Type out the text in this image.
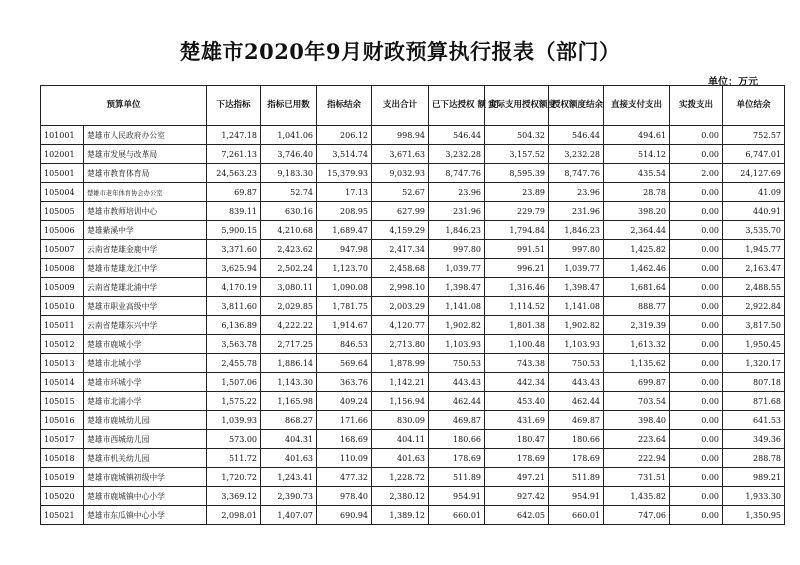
楚雄市2020年9月财政预算执行报表（部门）
单位：万元
预算单位		下达指标	指标已用数	指标结余	支出合计	已下达授权 额 度	实际支用授权额度	授权额度结余	直接支付支出	实拨支出	单位结余
101001	楚雄市人民政府办公室	1,247.18	1,041.06	206.12	998.94	546.44	504.32	546.44	494.61	0.00	752.57
102001	楚雄市发展与改革局	7,261.13	3,746.40	3,514.74	3,671.63	3,232.28	3,157.52	3,232.28	514.12	0.00	6,747.01
105001	楚雄市教育体育局	24,563.23	9,183.30	15,379.93	9,032.93	8,747.76	8,595.39	8,747.76	435.54	2.00	24,127.69
105004	楚雄市老年体育协会办公室	69.87	52.74	17.13	52.67	23.96	23.89	23.96	28.78	0.00	41.09
105005	楚雄市教师培训中心	839.11	630.16	208.95	627.99	231.96	229.79	231.96	398.20	0.00	440.91
105006	楚雄紫溪中学	5,900.15	4,210.68	1,689.47	4,159.29	1,846.23	1,794.84	1,846.23	2,364.44	0.00	3,535.70
105007	云南省楚雄金鹿中学	3,371.60	2,423.62	947.98	2,417.34	997.80	991.51	997.80	1,425.82	0.00	1,945.77
105008	楚雄市楚雄龙江中学	3,625.94	2,502.24	1,123.70	2,458.68	1,039.77	996.21	1,039.77	1,462.46	0.00	2,163.47
105009	云南省楚雄北浦中学	4,170.19	3,080.11	1,090.08	2,998.10	1,398.47	1,316.46	1,398.47	1,681.64	0.00	2,488.55
105010	楚雄市职业高级中学	3,811.60	2,029.85	1,781.75	2,003.29	1,141.08	1,114.52	1,141.08	888.77	0.00	2,922.84
105011	云南省楚雄东兴中学	6,136.89	4,222.22	1,914.67	4,120.77	1,902.82	1,801.38	1,902.82	2,319.39	0.00	3,817.50
105012	楚雄市鹿城小学	3,563.78	2,717.25	846.53	2,713.80	1,103.93	1,100.48	1,103.93	1,613.32	0.00	1,950.45
105013	楚雄市北城小学	2,455.78	1,886.14	569.64	1,878.99	750.53	743.38	750.53	1,135.62	0.00	1,320.17
105014	楚雄市环城小学	1,507.06	1,143.30	363.76	1,142.21	443.43	442.34	443.43	699.87	0.00	807.18
105015	楚雄市北浦小学	1,575.22	1,165.98	409.24	1,156.94	462.44	453.40	462.44	703.54	0.00	871.68
105016	楚雄市鹿城幼儿园	1,039.93	868.27	171.66	830.09	469.87	431.69	469.87	398.40	0.00	641.53
105017	楚雄市西城幼儿园	573.00	404.31	168.69	404.11	180.66	180.47	180.66	223.64	0.00	349.36
105018	楚雄市机关幼儿园	511.72	401.63	110.09	401.63	178.69	178.69	178.69	222.94	0.00	288.78
105019	楚雄市鹿城镇初级中学	1,720.72	1,243.41	477.32	1,228.72	511.89	497.21	511.89	731.51	0.00	989.21
105020	楚雄市鹿城镇中心小学	3,369.12	2,390.73	978.40	2,380.12	954.91	927.42	954.91	1,435.82	0.00	1,933.30
105021	楚雄市东瓜镇中心小学	2,098.01	1,407.07	690.94	1,389.12	660.01	642.05	660.01	747.06	0.00	1,350.95
